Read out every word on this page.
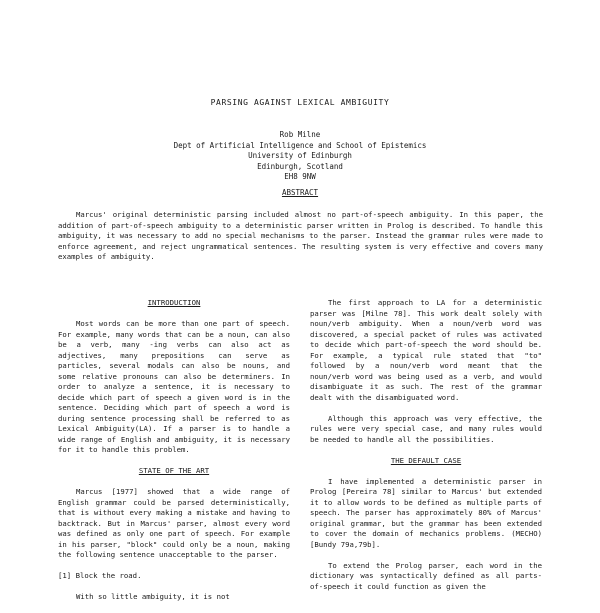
PARSING AGAINST LEXICAL AMBIGUITY
Rob Milne
Dept of Artificial Intelligence and School of Epistemics
University of Edinburgh
Edinburgh, Scotland
EH8 9NW
ABSTRACT
Marcus' original deterministic parsing included almost no part-of-speech ambiguity. In this paper, the addition of part-of-speech ambiguity to a deterministic parser written in Prolog is described. To handle this ambiguity, it was necessary to add no special mechanisms to the parser. Instead the grammar rules were made to enforce agreement, and reject ungrammatical sentences. The resulting system is very effective and covers many examples of ambiguity.
INTRODUCTION

Most words can be more than one part of speech. For example, many words that can be a noun, can also be a verb, many -ing verbs can also act as adjectives, many prepositions can serve as particles, several modals can also be nouns, and some relative pronouns can also be determiners. In order to analyze a sentence, it is necessary to decide which part of speech a given word is in the sentence. Deciding which part of speech a word is during sentence processing shall be referred to as Lexical Ambiguity(LA). If a parser is to handle a wide range of English and ambiguity, it is necessary for it to handle this problem.

STATE OF THE ART

Marcus [1977] showed that a wide range of English grammar could be parsed deterministically, that is without every making a mistake and having to backtrack. But in Marcus' parser, almost every word was defined as only one part of speech. For example in his parser, "block" could only be a noun, making the following sentence unacceptable to the parser.

[1] Block the road.

With so little ambiguity, it is not

The first approach to LA for a deterministic parser was [Milne 78]. This work dealt solely with noun/verb ambiguity. When a noun/verb word was discovered, a special packet of rules was activated to decide which part-of-speech the word should be. For example, a typical rule stated that "to" followed by a noun/verb word meant that the noun/verb word was being used as a verb, and would disambiguate it as such. The rest of the grammar dealt with the disambiguated word.

Although this approach was very effective, the rules were very special case, and many rules would be needed to handle all the possibilities.

THE DEFAULT CASE

I have implemented a deterministic parser in Prolog [Pereira 78] similar to Marcus' but extended it to allow words to be defined as multiple parts of speech. The parser has approximately 80% of Marcus' original grammar, but the grammar has been extended to cover the domain of mechanics problems. (MECHO) [Bundy 79a,79b].

To extend the Prolog parser, each word in the dictionary was syntactically defined as all parts-of-speech it could function as given the
